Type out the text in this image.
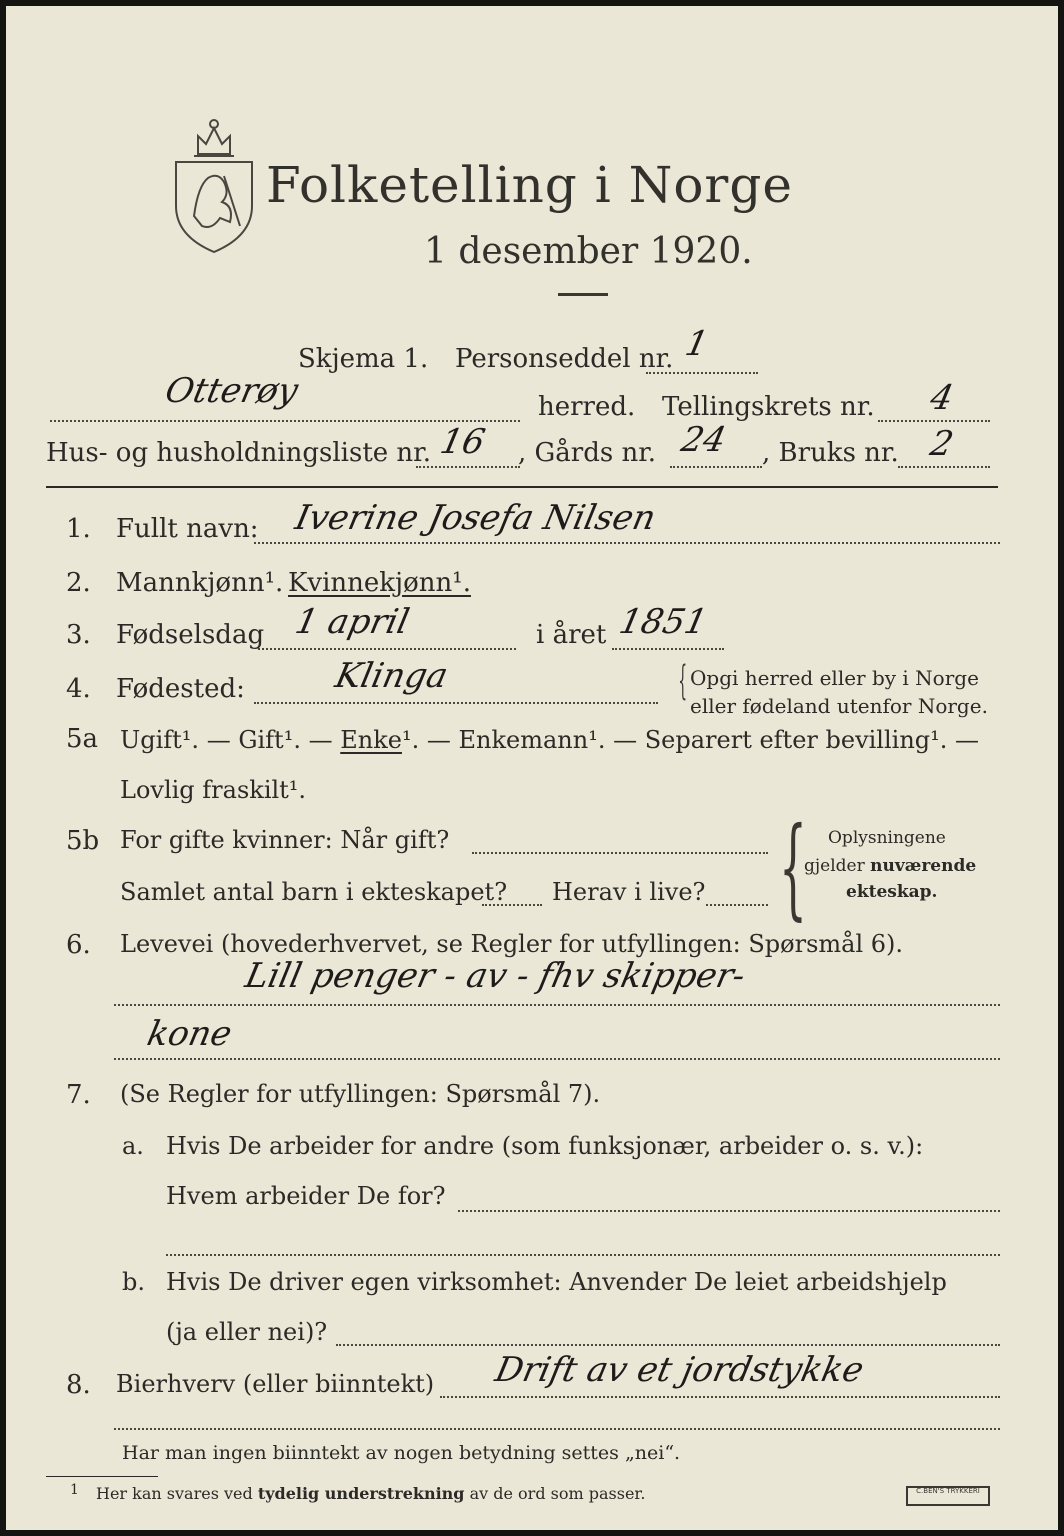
Folketelling i Norge
1 desember 1920.
Skjema 1. Personseddel nr. 1
Otterøy	herred. Tellingskrets nr. 4
Hus- og husholdningsliste nr. 16 , Gårds nr. 24 , Bruks nr. 2
1. Fullt navn: Iverine Josefa Nilsen
2. Mannkjønn¹. Kvinnekjønn¹.
3. Fødselsdag 1 april	i året 1851
4. Fødested:	Klinga	{ Opgi herred eller by i Norge
eller fødeland utenfor Norge.
5a Ugift¹. — Gift¹. — Enke¹. — Enkemann¹. — Separert efter bevilling¹. —
Lovlig fraskilt¹.
5b For gifte kvinner: Når gift?
Samlet antal barn i ekteskapet? Herav i live? { Oplysningene
gjelder nuværende
ekteskap.
6. Levevei (hovederhvervet, se Regler for utfyllingen: Spørsmål 6).
Lill penger - av - fhv skipper-
kone
7. (Se Regler for utfyllingen: Spørsmål 7).
a. Hvis De arbeider for andre (som funksjonær, arbeider o. s. v.):
Hvem arbeider De for?
b. Hvis De driver egen virksomhet: Anvender De leiet arbeidshjelp
(ja eller nei)?
8. Bierhverv (eller biinntekt) Drift av et jordstykke
Har man ingen biinntekt av nogen betydning settes „nei“.
1 Her kan svares ved tydelig understrekning av de ord som passer.	C.BEN'S TRYKKERI
